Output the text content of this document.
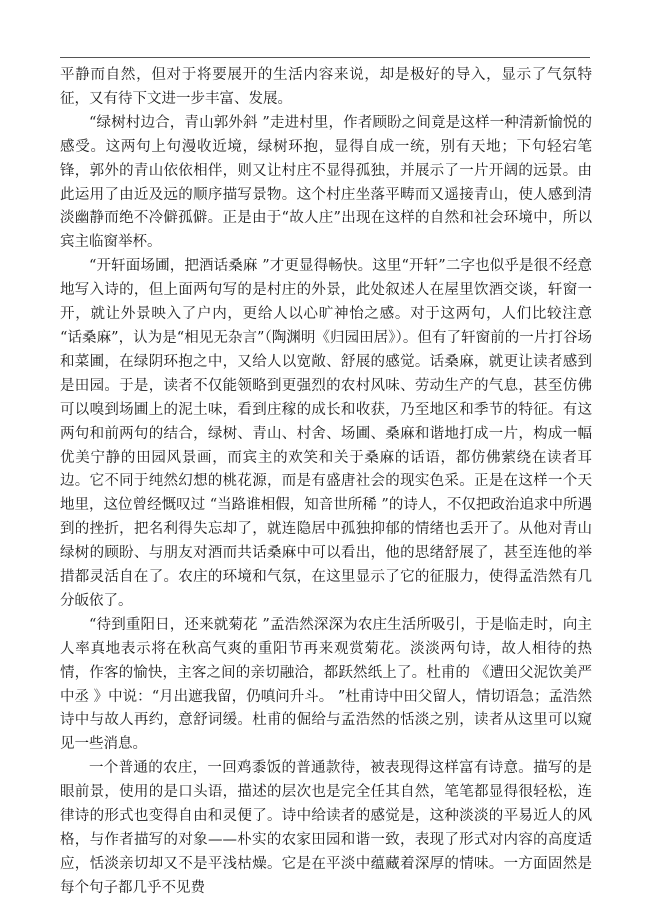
平静而自然，但对于将要展开的生活内容来说，却是极好的导入，显示了气氛特征，又有待下文进一步丰富、发展。

“绿树村边合，青山郭外斜 ”走进村里，作者顾盼之间竟是这样一种清新愉悦的感受。这两句上句漫收近境，绿树环抱，显得自成一统，别有天地；下句轻宕笔锋，郭外的青山依依相伴，则又让村庄不显得孤独，并展示了一片开阔的远景。由此运用了由近及远的顺序描写景物。这个村庄坐落平畴而又遥接青山，使人感到清淡幽静而绝不冷僻孤僻。正是由于“故人庄”出现在这样的自然和社会环境中，所以宾主临窗举杯。

“开轩面场圃，把酒话桑麻 ”才更显得畅快。这里“开轩”二字也似乎是很不经意地写入诗的，但上面两句写的是村庄的外景，此处叙述人在屋里饮酒交谈，轩窗一开，就让外景映入了户内，更给人以心旷神怡之感。对于这两句，人们比较注意 “话桑麻”，认为是“相见无杂言”（陶渊明《归园田居》）。但有了轩窗前的一片打谷场和菜圃，在绿阴环抱之中，又给人以宽敞、舒展的感觉。话桑麻，就更让读者感到是田园。于是，读者不仅能领略到更强烈的农村风味、劳动生产的气息，甚至仿佛可以嗅到场圃上的泥土味，看到庄稼的成长和收获，乃至地区和季节的特征。有这两句和前两句的结合，绿树、青山、村舍、场圃、桑麻和谐地打成一片，构成一幅优美宁静的田园风景画，而宾主的欢笑和关于桑麻的话语，都仿佛萦绕在读者耳边。它不同于纯然幻想的桃花源，而是有盛唐社会的现实色采。正是在这样一个天地里，这位曾经慨叹过 “当路谁相假，知音世所稀 ”的诗人，不仅把政治追求中所遇到的挫折，把名利得失忘却了，就连隐居中孤独抑郁的情绪也丢开了。从他对青山绿树的顾盼、与朋友对酒而共话桑麻中可以看出，他的思绪舒展了，甚至连他的举措都灵活自在了。农庄的环境和气氛，在这里显示了它的征服力，使得孟浩然有几分皈依了。

“待到重阳日，还来就菊花 ”孟浩然深深为农庄生活所吸引，于是临走时，向主人率真地表示将在秋高气爽的重阳节再来观赏菊花。淡淡两句诗，故人相待的热情，作客的愉快，主客之间的亲切融洽，都跃然纸上了。杜甫的 《遭田父泥饮美严中丞 》中说：“月出遮我留，仍嗔问升斗。 ”杜甫诗中田父留人，情切语急；孟浩然诗中与故人再约，意舒词缓。杜甫的倔给与孟浩然的恬淡之别，读者从这里可以窥见一些消息。

一个普通的农庄，一回鸡黍饭的普通款待，被表现得这样富有诗意。描写的是眼前景，使用的是口头语，描述的层次也是完全任其自然，笔笔都显得很轻松，连律诗的形式也变得自由和灵便了。诗中给读者的感觉是，这种淡淡的平易近人的风格，与作者描写的对象——朴实的农家田园和谐一致，表现了形式对内容的高度适应，恬淡亲切却又不是平浅枯燥。它是在平淡中蕴藏着深厚的情味。一方面固然是每个句子都几乎不见费
